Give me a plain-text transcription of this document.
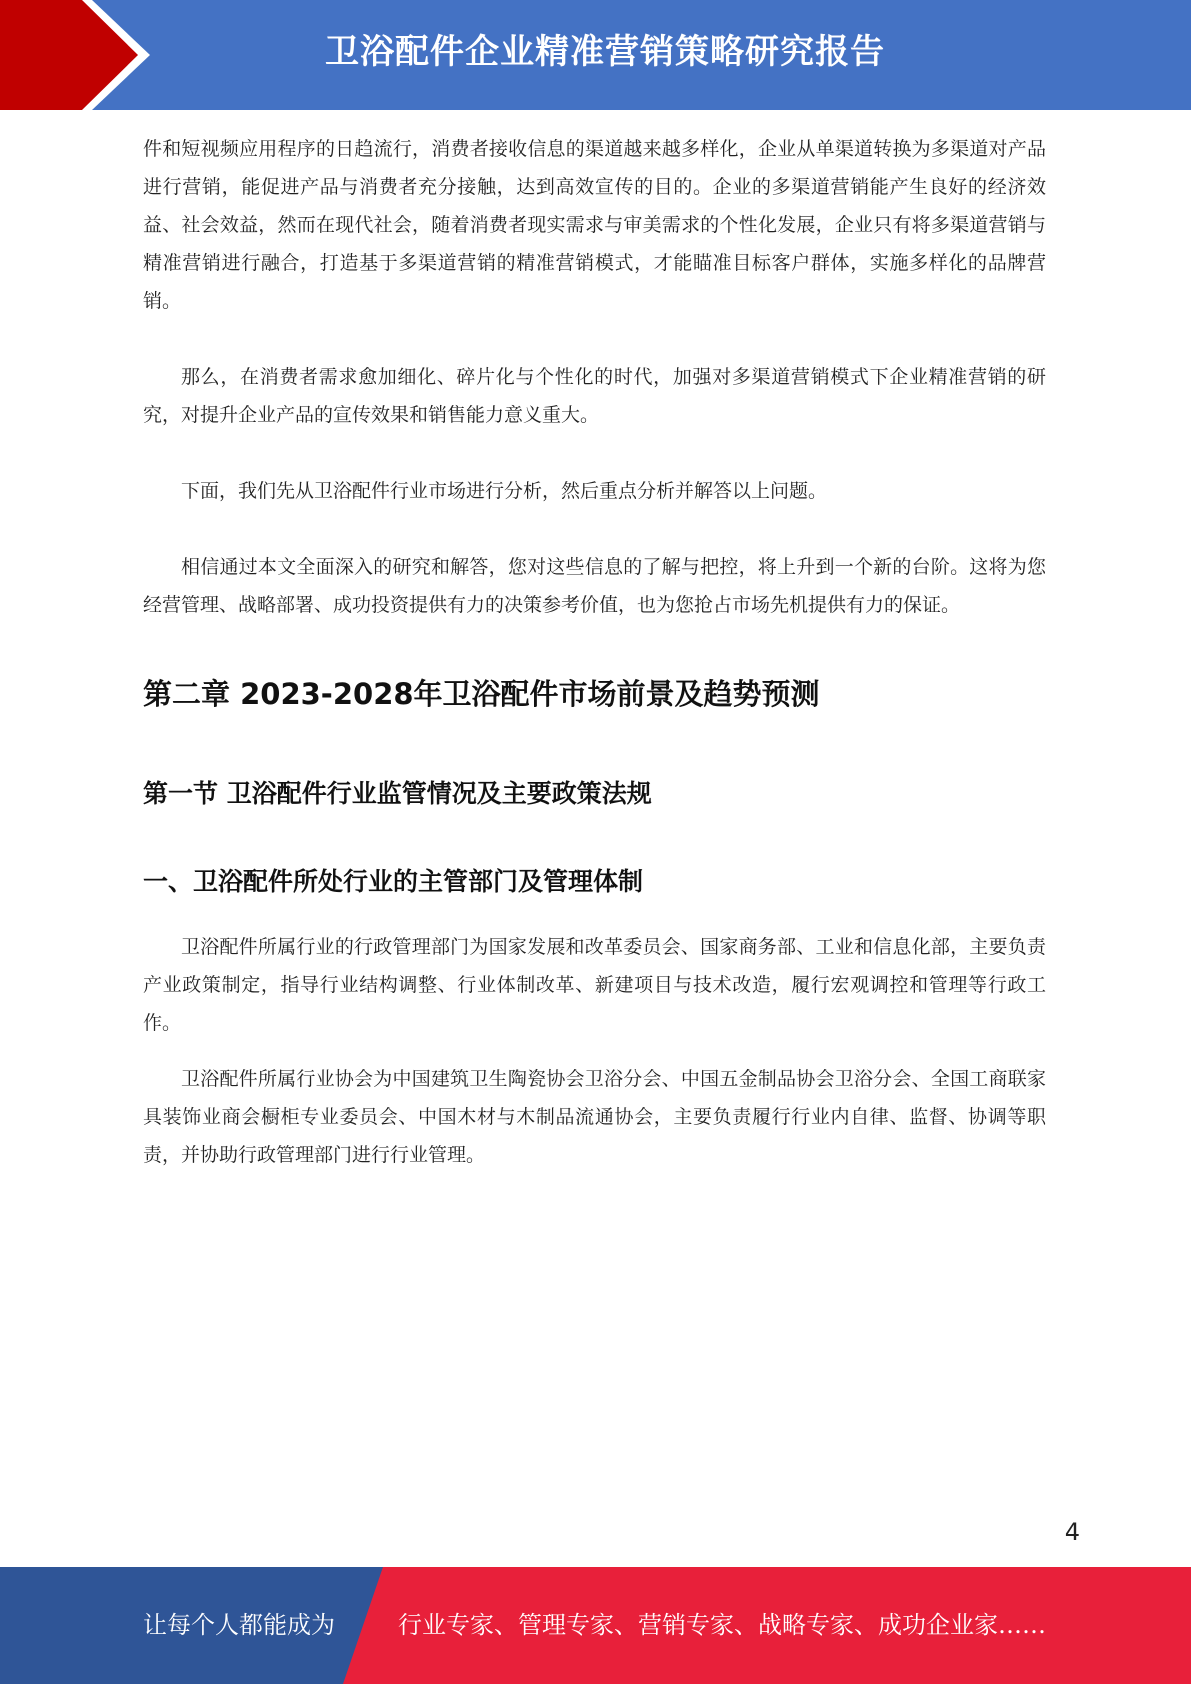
卫浴配件企业精准营销策略研究报告

件和短视频应用程序的日趋流行，消费者接收信息的渠道越来越多样化，企业从单渠道转换为多渠道对产品进行营销，能促进产品与消费者充分接触，达到高效宣传的目的。企业的多渠道营销能产生良好的经济效益、社会效益，然而在现代社会，随着消费者现实需求与审美需求的个性化发展，企业只有将多渠道营销与精准营销进行融合，打造基于多渠道营销的精准营销模式，才能瞄准目标客户群体，实施多样化的品牌营销。

那么，在消费者需求愈加细化、碎片化与个性化的时代，加强对多渠道营销模式下企业精准营销的研究，对提升企业产品的宣传效果和销售能力意义重大。

下面，我们先从卫浴配件行业市场进行分析，然后重点分析并解答以上问题。

相信通过本文全面深入的研究和解答，您对这些信息的了解与把控，将上升到一个新的台阶。这将为您经营管理、战略部署、成功投资提供有力的决策参考价值，也为您抢占市场先机提供有力的保证。

第二章 2023-2028年卫浴配件市场前景及趋势预测
第一节 卫浴配件行业监管情况及主要政策法规
一、卫浴配件所处行业的主管部门及管理体制

卫浴配件所属行业的行政管理部门为国家发展和改革委员会、国家商务部、工业和信息化部，主要负责产业政策制定，指导行业结构调整、行业体制改革、新建项目与技术改造，履行宏观调控和管理等行政工作。

卫浴配件所属行业协会为中国建筑卫生陶瓷协会卫浴分会、中国五金制品协会卫浴分会、全国工商联家具装饰业商会橱柜专业委员会、中国木材与木制品流通协会，主要负责履行行业内自律、监督、协调等职责，并协助行政管理部门进行行业管理。

4
让每个人都能成为	行业专家、管理专家、营销专家、战略专家、成功企业家……
